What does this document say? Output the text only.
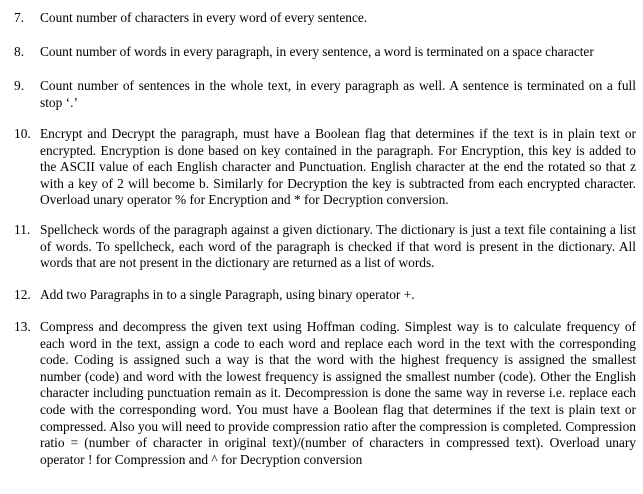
7.	Count number of characters in every word of every sentence.
8.	Count number of words in every paragraph, in every sentence, a word is terminated on a space character
9.	Count number of sentences in the whole text, in every paragraph as well. A sentence is terminated on a full stop ‘.’
10. Encrypt and Decrypt the paragraph, must have a Boolean flag that determines if the text is in plain text or encrypted. Encryption is done based on key contained in the paragraph. For Encryption, this key is added to the ASCII value of each English character and Punctuation. English character at the end the rotated so that z with a key of 2 will become b. Similarly for Decryption the key is subtracted from each encrypted character. Overload unary operator % for Encryption and * for Decryption conversion.
11. Spellcheck words of the paragraph against a given dictionary. The dictionary is just a text file containing a list of words. To spellcheck, each word of the paragraph is checked if that word is present in the dictionary. All words that are not present in the dictionary are returned as a list of words.
12. Add two Paragraphs in to a single Paragraph, using binary operator +.
13. Compress and decompress the given text using Hoffman coding. Simplest way is to calculate frequency of each word in the text, assign a code to each word and replace each word in the text with the corresponding code. Coding is assigned such a way is that the word with the highest frequency is assigned the smallest number (code) and word with the lowest frequency is assigned the smallest number (code). Other the English character including punctuation remain as it. Decompression is done the same way in reverse i.e. replace each code with the corresponding word. You must have a Boolean flag that determines if the text is plain text or compressed. Also you will need to provide compression ratio after the compression is completed. Compression ratio = (number of character in original text)/(number of characters in compressed text). Overload unary operator ! for Compression and ^ for Decryption conversion
